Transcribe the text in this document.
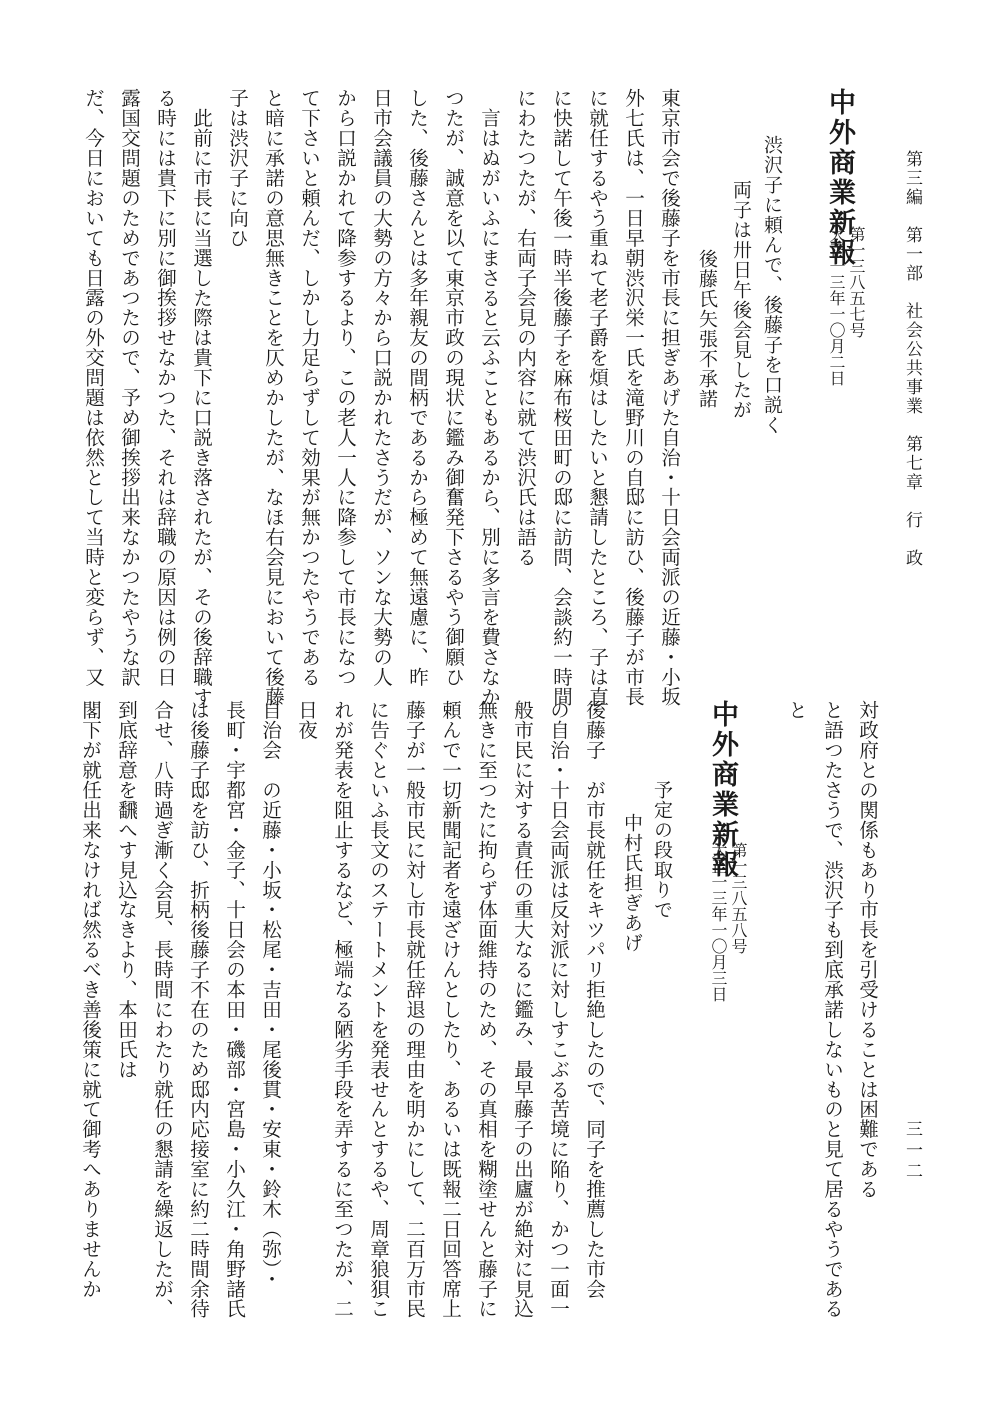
第三編　第一部　社会公共事業　第七章　行　政
三一二
中外商業新報
第一三八五七号
大正一三年一〇月二日
渋沢子に頼んで、後藤子を口説く
両子は卅日午後会見したが
後藤氏矢張不承諾
東京市会で後藤子を市長に担ぎあげた自治・十日会両派の近藤・小坂
外七氏は、一日早朝渋沢栄一氏を滝野川の自邸に訪ひ、後藤子が市長
に就任するやう重ねて老子爵を煩はしたいと懇請したところ、子は直
に快諾して午後一時半後藤子を麻布桜田町の邸に訪問、会談約一時間
にわたつたが、右両子会見の内容に就て渋沢氏は語る
言はぬがいふにまさると云ふこともあるから、別に多言を費さなか
つたが、誠意を以て東京市政の現状に鑑み御奮発下さるやう御願ひ
した、後藤さんとは多年親友の間柄であるから極めて無遠慮に、昨
日市会議員の大勢の方々から口説かれたさうだが、ソンな大勢の人
から口説かれて降参するより、この老人一人に降参して市長になつ
て下さいと頼んだ、しかし力足らずして効果が無かつたやうである
と暗に承諾の意思無きことを仄めかしたが、なほ右会見において後藤
子は渋沢子に向ひ
此前に市長に当選した際は貴下に口説き落されたが、その後辞職す
る時には貴下に別に御挨拶せなかつた、それは辞職の原因は例の日
露国交問題のためであつたので、予め御挨拶出来なかつたやうな訳
だ、今日においても日露の外交問題は依然として当時と変らず、又
対政府との関係もあり市長を引受けることは困難である
と語つたさうで、渋沢子も到底承諾しないものと見て居るやうである
と
中外商業新報
第一三八五八号
大正一三年一〇月三日
予定の段取りで
中村氏担ぎあげ
後藤子　が市長就任をキツパリ拒絶したので、同子を推薦した市会
の自治・十日会両派は反対派に対しすこぶる苦境に陥り、かつ一面一
般市民に対する責任の重大なるに鑑み、最早藤子の出廬が絶対に見込
無きに至つたに拘らず体面維持のため、その真相を糊塗せんと藤子に
頼んで一切新聞記者を遠ざけんとしたり、あるいは既報二日回答席上
藤子が一般市民に対し市長就任辞退の理由を明かにして、二百万市民
に告ぐといふ長文のステートメントを発表せんとするや、周章狼狽こ
れが発表を阻止するなど、極端なる陋劣手段を弄するに至つたが、二
日夜
自治会　の近藤・小坂・松尾・吉田・尾後貫・安東・鈴木（弥）・
長町・宇都宮・金子、十日会の本田・磯部・宮島・小久江・角野諸氏
は後藤子邸を訪ひ、折柄後藤子不在のため邸内応接室に約二時間余待
合せ、八時過ぎ漸く会見、長時間にわたり就任の懇請を繰返したが、
到底辞意を飜へす見込なきより、本田氏は
閣下が就任出来なければ然るべき善後策に就て御考へありませんか
